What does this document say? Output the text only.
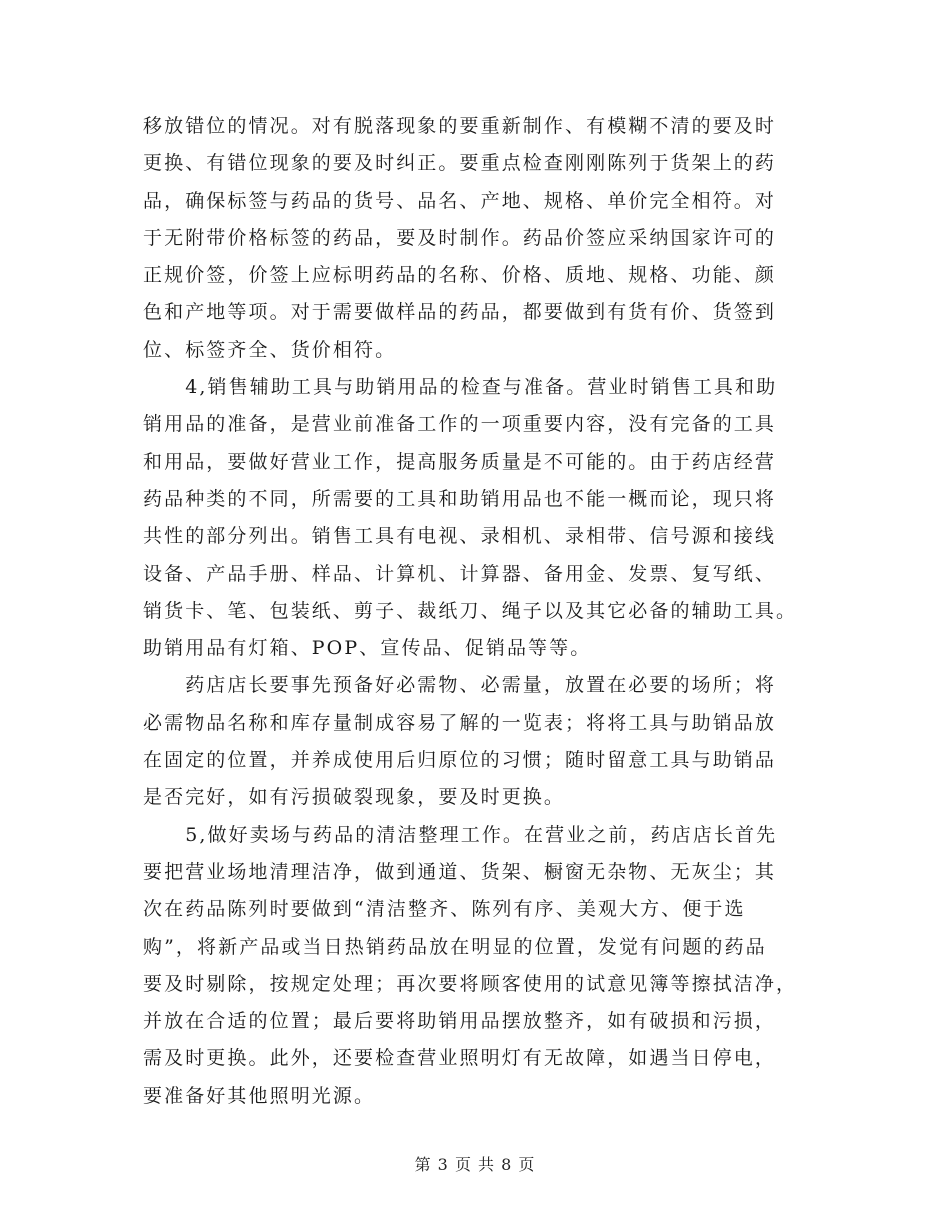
移放错位的情况。对有脱落现象的要重新制作、有模糊不清的要及时
更换、有错位现象的要及时纠正。要重点检查刚刚陈列于货架上的药
品，确保标签与药品的货号、品名、产地、规格、单价完全相符。对
于无附带价格标签的药品，要及时制作。药品价签应采纳国家许可的
正规价签，价签上应标明药品的名称、价格、质地、规格、功能、颜
色和产地等项。对于需要做样品的药品，都要做到有货有价、货签到
位、标签齐全、货价相符。
　　4,销售辅助工具与助销用品的检查与准备。营业时销售工具和助
销用品的准备，是营业前准备工作的一项重要内容，没有完备的工具
和用品，要做好营业工作，提高服务质量是不可能的。由于药店经营
药品种类的不同，所需要的工具和助销用品也不能一概而论，现只将
共性的部分列出。销售工具有电视、录相机、录相带、信号源和接线
设备、产品手册、样品、计算机、计算器、备用金、发票、复写纸、
销货卡、笔、包装纸、剪子、裁纸刀、绳子以及其它必备的辅助工具。
助销用品有灯箱、POP、宣传品、促销品等等。
　　药店店长要事先预备好必需物、必需量，放置在必要的场所；将
必需物品名称和库存量制成容易了解的一览表；将将工具与助销品放
在固定的位置，并养成使用后归原位的习惯；随时留意工具与助销品
是否完好，如有污损破裂现象，要及时更换。
　　5,做好卖场与药品的清洁整理工作。在营业之前，药店店长首先
要把营业场地清理洁净，做到通道、货架、橱窗无杂物、无灰尘；其
次在药品陈列时要做到“清洁整齐、陈列有序、美观大方、便于选
购”，将新产品或当日热销药品放在明显的位置，发觉有问题的药品
要及时剔除，按规定处理；再次要将顾客使用的试意见簿等擦拭洁净，
并放在合适的位置；最后要将助销用品摆放整齐，如有破损和污损，
需及时更换。此外，还要检查营业照明灯有无故障，如遇当日停电，
要准备好其他照明光源。
第 3 页 共 8 页
